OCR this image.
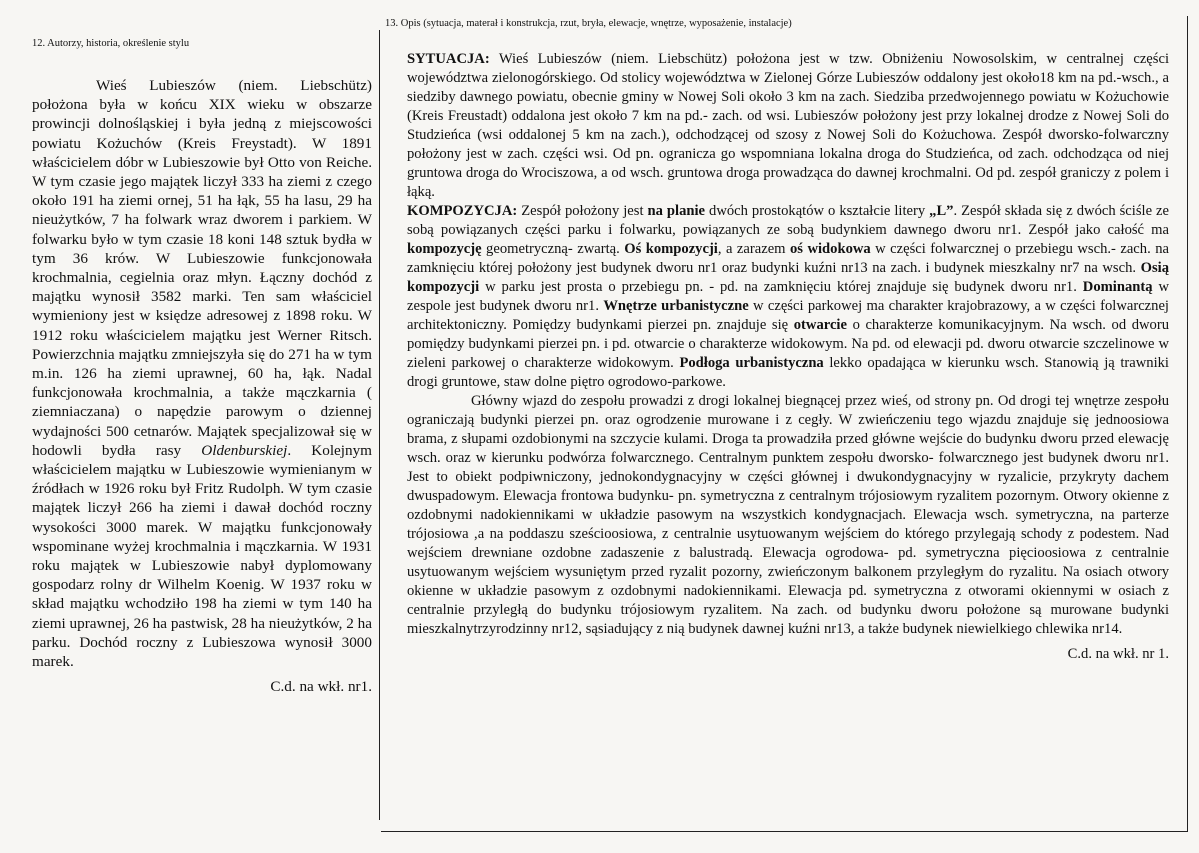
12. Autorzy, historia, określenie stylu

Wieś Lubieszów (niem. Liebschütz) położona była w końcu XIX wieku w obszarze prowincji dolnośląskiej i była jedną z miejscowości powiatu Kożuchów (Kreis Freystadt). W 1891 właścicielem dóbr w Lubieszowie był Otto von Reiche. W tym czasie jego majątek liczył 333 ha ziemi z czego około 191 ha ziemi ornej, 51 ha łąk, 55 ha lasu, 29 ha nieużytków, 7 ha folwark wraz dworem i parkiem. W folwarku było w tym czasie 18 koni 148 sztuk bydła w tym 36 krów. W Lubieszowie funkcjonowała krochmalnia, cegielnia oraz młyn. Łączny dochód z majątku wynosił 3582 marki. Ten sam właściciel wymieniony jest w księdze adresowej z 1898 roku. W 1912 roku właścicielem majątku jest Werner Ritsch. Powierzchnia majątku zmniejszyła się do 271 ha w tym m.in. 126 ha ziemi uprawnej, 60 ha, łąk. Nadal funkcjonowała krochmalnia, a także mączkarnia ( ziemniaczana) o napędzie parowym o dziennej wydajności 500 cetnarów. Majątek specjalizował się w hodowli bydła rasy Oldenburskiej. Kolejnym właścicielem majątku w Lubieszowie wymienianym w źródłach w 1926 roku był Fritz Rudolph. W tym czasie majątek liczył 266 ha ziemi i dawał dochód roczny wysokości 3000 marek. W majątku funkcjonowały wspominane wyżej krochmalnia i mączkarnia. W 1931 roku majątek w Lubieszowie nabył dyplomowany gospodarz rolny dr Wilhelm Koenig. W 1937 roku w skład majątku wchodziło 198 ha ziemi w tym 140 ha ziemi uprawnej, 26 ha pastwisk, 28 ha nieużytków, 2 ha parku. Dochód roczny z Lubieszowa wynosił 3000 marek.

C.d. na wkł. nr1.

13. Opis (sytuacja, materał i konstrukcja, rzut, bryła, elewacje, wnętrze, wyposażenie, instalacje)

SYTUACJA: Wieś Lubieszów (niem. Liebschütz) położona jest w tzw. Obniżeniu Nowosolskim, w centralnej części województwa zielonogórskiego. Od stolicy województwa w Zielonej Górze Lubieszów oddalony jest około18 km na pd.-wsch., a siedziby dawnego powiatu, obecnie gminy w Nowej Soli około 3 km na zach. Siedziba przedwojennego powiatu w Kożuchowie (Kreis Freustadt) oddalona jest około 7 km na pd.- zach. od wsi. Lubieszów położony jest przy lokalnej drodze z Nowej Soli do Studzieńca (wsi oddalonej 5 km na zach.), odchodzącej od szosy z Nowej Soli do Kożuchowa. Zespół dworsko-folwarczny położony jest w zach. części wsi. Od pn. ogranicza go wspomniana lokalna droga do Studzieńca, od zach. odchodząca od niej gruntowa droga do Wrociszowa, a od wsch. gruntowa droga prowadząca do dawnej krochmalni. Od pd. zespół graniczy z polem i łąką.

KOMPOZYCJA: Zespół położony jest na planie dwóch prostokątów o kształcie litery „L”. Zespół składa się z dwóch ściśle ze sobą powiązanych części parku i folwarku, powiązanych ze sobą budynkiem dawnego dworu nr1. Zespół jako całość ma kompozycję geometryczną- zwartą. Oś kompozycji, a zarazem oś widokowa w części folwarcznej o przebiegu wsch.- zach. na zamknięciu której położony jest budynek dworu nr1 oraz budynki kuźni nr13 na zach. i budynek mieszkalny nr7 na wsch. Osią kompozycji w parku jest prosta o przebiegu pn. - pd. na zamknięciu której znajduje się budynek dworu nr1. Dominantą w zespole jest budynek dworu nr1. Wnętrze urbanistyczne w części parkowej ma charakter krajobrazowy, a w części folwarcznej architektoniczny. Pomiędzy budynkami pierzei pn. znajduje się otwarcie o charakterze komunikacyjnym. Na wsch. od dworu pomiędzy budynkami pierzei pn. i pd. otwarcie o charakterze widokowym. Na pd. od elewacji pd. dworu otwarcie szczelinowe w zieleni parkowej o charakterze widokowym. Podłoga urbanistyczna lekko opadająca w kierunku wsch. Stanowią ją trawniki drogi gruntowe, staw dolne piętro ogrodowo-parkowe.

Główny wjazd do zespołu prowadzi z drogi lokalnej biegnącej przez wieś, od strony pn. Od drogi tej wnętrze zespołu ograniczają budynki pierzei pn. oraz ogrodzenie murowane i z cegły. W zwieńczeniu tego wjazdu znajduje się jednoosiowa brama, z słupami ozdobionymi na szczycie kulami. Droga ta prowadziła przed główne wejście do budynku dworu przed elewację wsch. oraz w kierunku podwórza folwarcznego. Centralnym punktem zespołu dworsko- folwarcznego jest budynek dworu nr1. Jest to obiekt podpiwniczony, jednokondygnacyjny w części głównej i dwukondygnacyjny w ryzalicie, przykryty dachem dwuspadowym. Elewacja frontowa budynku- pn. symetryczna z centralnym trójosiowym ryzalitem pozornym. Otwory okienne z ozdobnymi nadokiennikami w układzie pasowym na wszystkich kondygnacjach. Elewacja wsch. symetryczna, na parterze trójosiowa ,a na poddaszu sześcioosiowa, z centralnie usytuowanym wejściem do którego przylegają schody z podestem. Nad wejściem drewniane ozdobne zadaszenie z balustradą. Elewacja ogrodowa- pd. symetryczna pięcioosiowa z centralnie usytuowanym wejściem wysuniętym przed ryzalit pozorny, zwieńczonym balkonem przyległym do ryzalitu. Na osiach otwory okienne w układzie pasowym z ozdobnymi nadokiennikami. Elewacja pd. symetryczna z otworami okiennymi w osiach z centralnie przyległą do budynku trójosiowym ryzalitem. Na zach. od budynku dworu położone są murowane budynki mieszkalnytrzyrodzinny nr12, sąsiadujący z nią budynek dawnej kuźni nr13, a także budynek niewielkiego chlewika nr14.

C.d. na wkł. nr 1.
